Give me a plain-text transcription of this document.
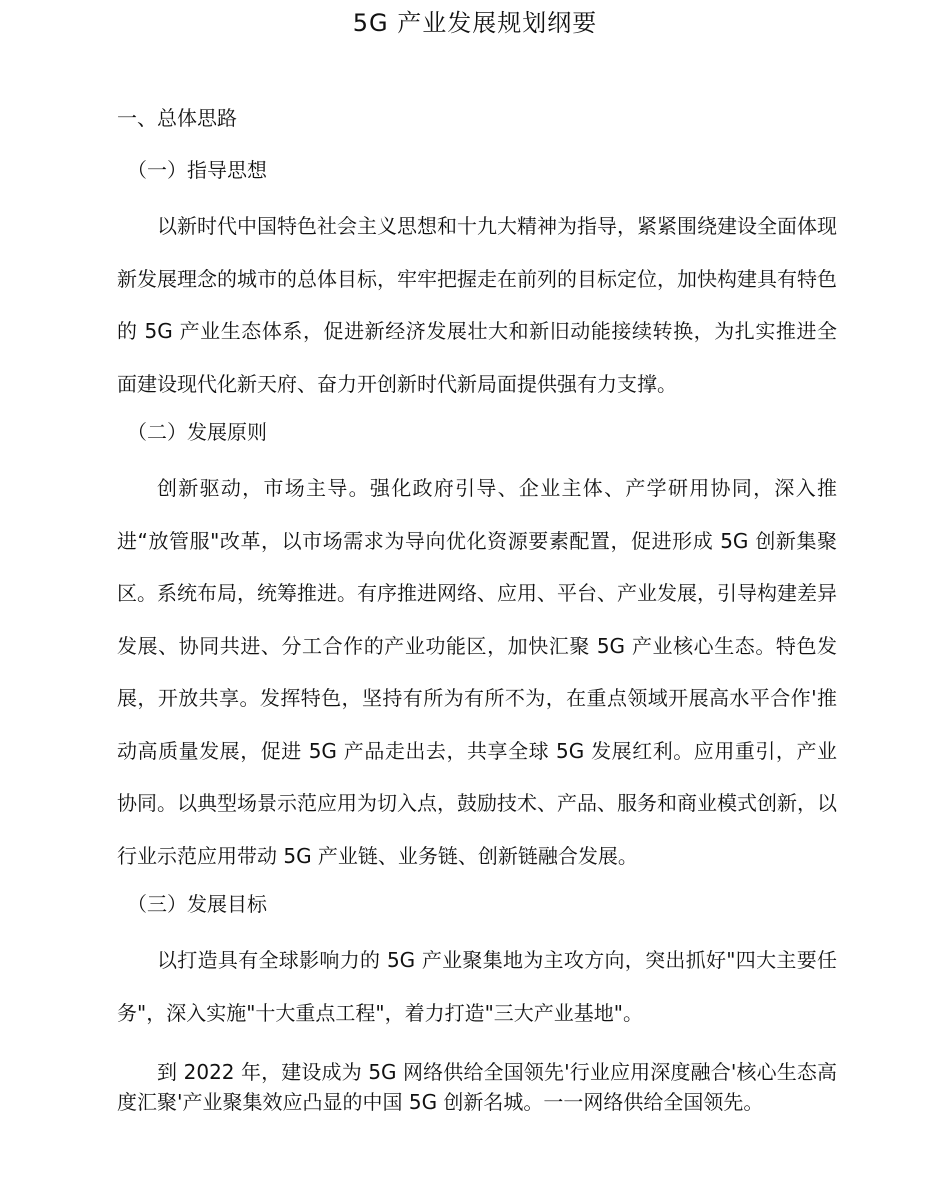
5G 产业发展规划纲要

一、总体思路

（一）指导思想

以新时代中国特色社会主义思想和十九大精神为指导，紧紧围绕建设全面体现新发展理念的城市的总体目标，牢牢把握走在前列的目标定位，加快构建具有特色的 5G 产业生态体系，促进新经济发展壮大和新旧动能接续转换，为扎实推进全面建设现代化新天府、奋力开创新时代新局面提供强有力支撑。

（二）发展原则

创新驱动，市场主导。强化政府引导、企业主体、产学研用协同，深入推进“放管服"改革，以市场需求为导向优化资源要素配置，促进形成 5G 创新集聚区。系统布局，统筹推进。有序推进网络、应用、平台、产业发展，引导构建差异发展、协同共进、分工合作的产业功能区，加快汇聚 5G 产业核心生态。特色发展，开放共享。发挥特色，坚持有所为有所不为，在重点领域开展高水平合作'推动高质量发展，促进 5G 产品走出去，共享全球 5G 发展红利。应用重引，产业协同。以典型场景示范应用为切入点，鼓励技术、产品、服务和商业模式创新，以行业示范应用带动 5G 产业链、业务链、创新链融合发展。

（三）发展目标

以打造具有全球影响力的 5G 产业聚集地为主攻方向，突出抓好"四大主要任务"，深入实施"十大重点工程"，着力打造"三大产业基地"。

到 2022 年，建设成为 5G 网络供给全国领先'行业应用深度融合'核心生态高度汇聚'产业聚集效应凸显的中国 5G 创新名城。一一网络供给全国领先。
